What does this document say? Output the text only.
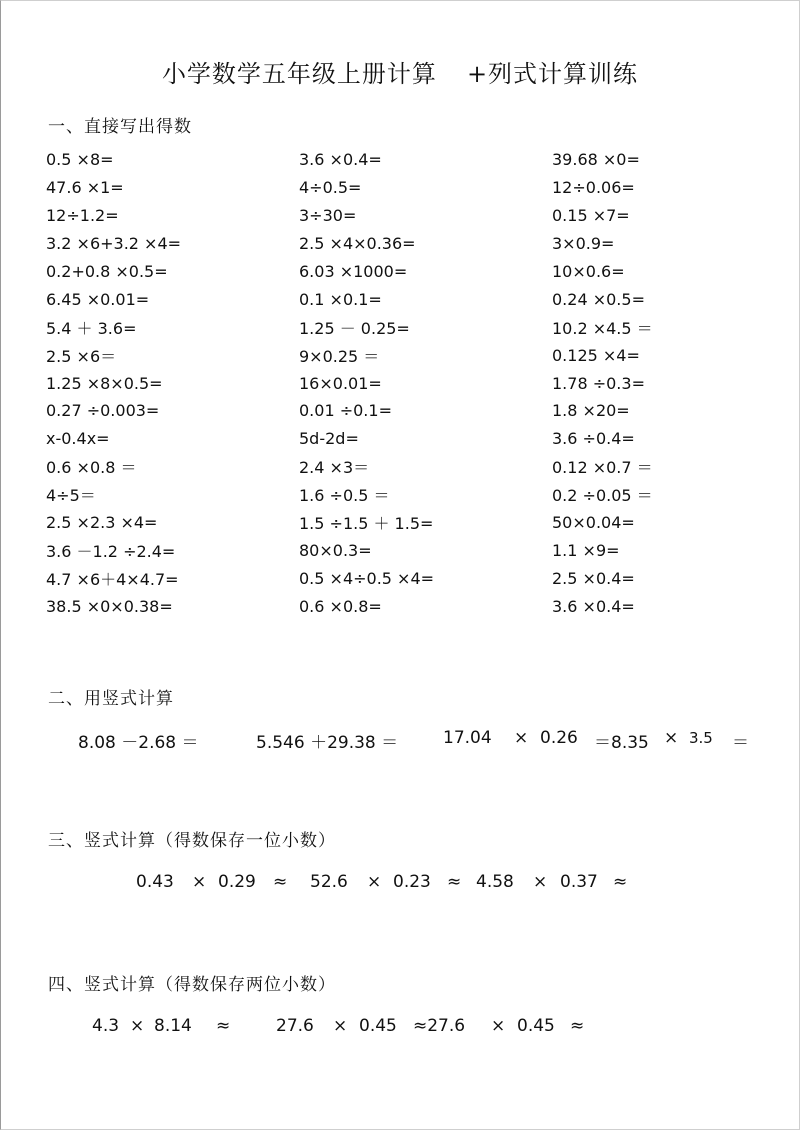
小学数学五年级上册计算 +列式计算训练
一、直接写出得数
0.5 ×8=	3.6 ×0.4=	39.68 ×0=
47.6 ×1=	4÷0.5=	12÷0.06=
12÷1.2=	3÷30=	0.15 ×7=
3.2 ×6+3.2 ×4=	2.5 ×4×0.36=	3×0.9=
0.2+0.8 ×0.5=	6.03 ×1000=	10×0.6=
6.45 ×0.01=	0.1 ×0.1=	0.24 ×0.5=
5.4 ＋ 3.6=	1.25 － 0.25=	10.2 ×4.5 ＝
2.5 ×6＝	9×0.25 ＝	0.125 ×4=
1.25 ×8×0.5=	16×0.01=	1.78 ÷0.3=
0.27 ÷0.003=	0.01 ÷0.1=	1.8 ×20=
x-0.4x=	5d-2d=	3.6 ÷0.4=
0.6 ×0.8 ＝	2.4 ×3＝	0.12 ×0.7 ＝
4÷5＝	1.6 ÷0.5 ＝	0.2 ÷0.05 ＝
2.5 ×2.3 ×4=	1.5 ÷1.5 ＋ 1.5=	50×0.04=
3.6 －1.2 ÷2.4=	80×0.3=	1.1 ×9=
4.7 ×6＋4×4.7=	0.5 ×4÷0.5 ×4=	2.5 ×0.4=
38.5 ×0×0.38=	0.6 ×0.8=	3.6 ×0.4=
二、用竖式计算
8.08 －2.68 ＝	5.546 ＋29.38 ＝	17.04 × 0.26 ＝8.35 × 3.5 ＝
三、竖式计算（得数保存一位小数）
0.43 × 0.29 ≈ 52.6 × 0.23 ≈ 4.58 × 0.37 ≈
四、竖式计算（得数保存两位小数）
4.3 × 8.14 ≈	27.6 × 0.45 ≈27.6 × 0.45 ≈
